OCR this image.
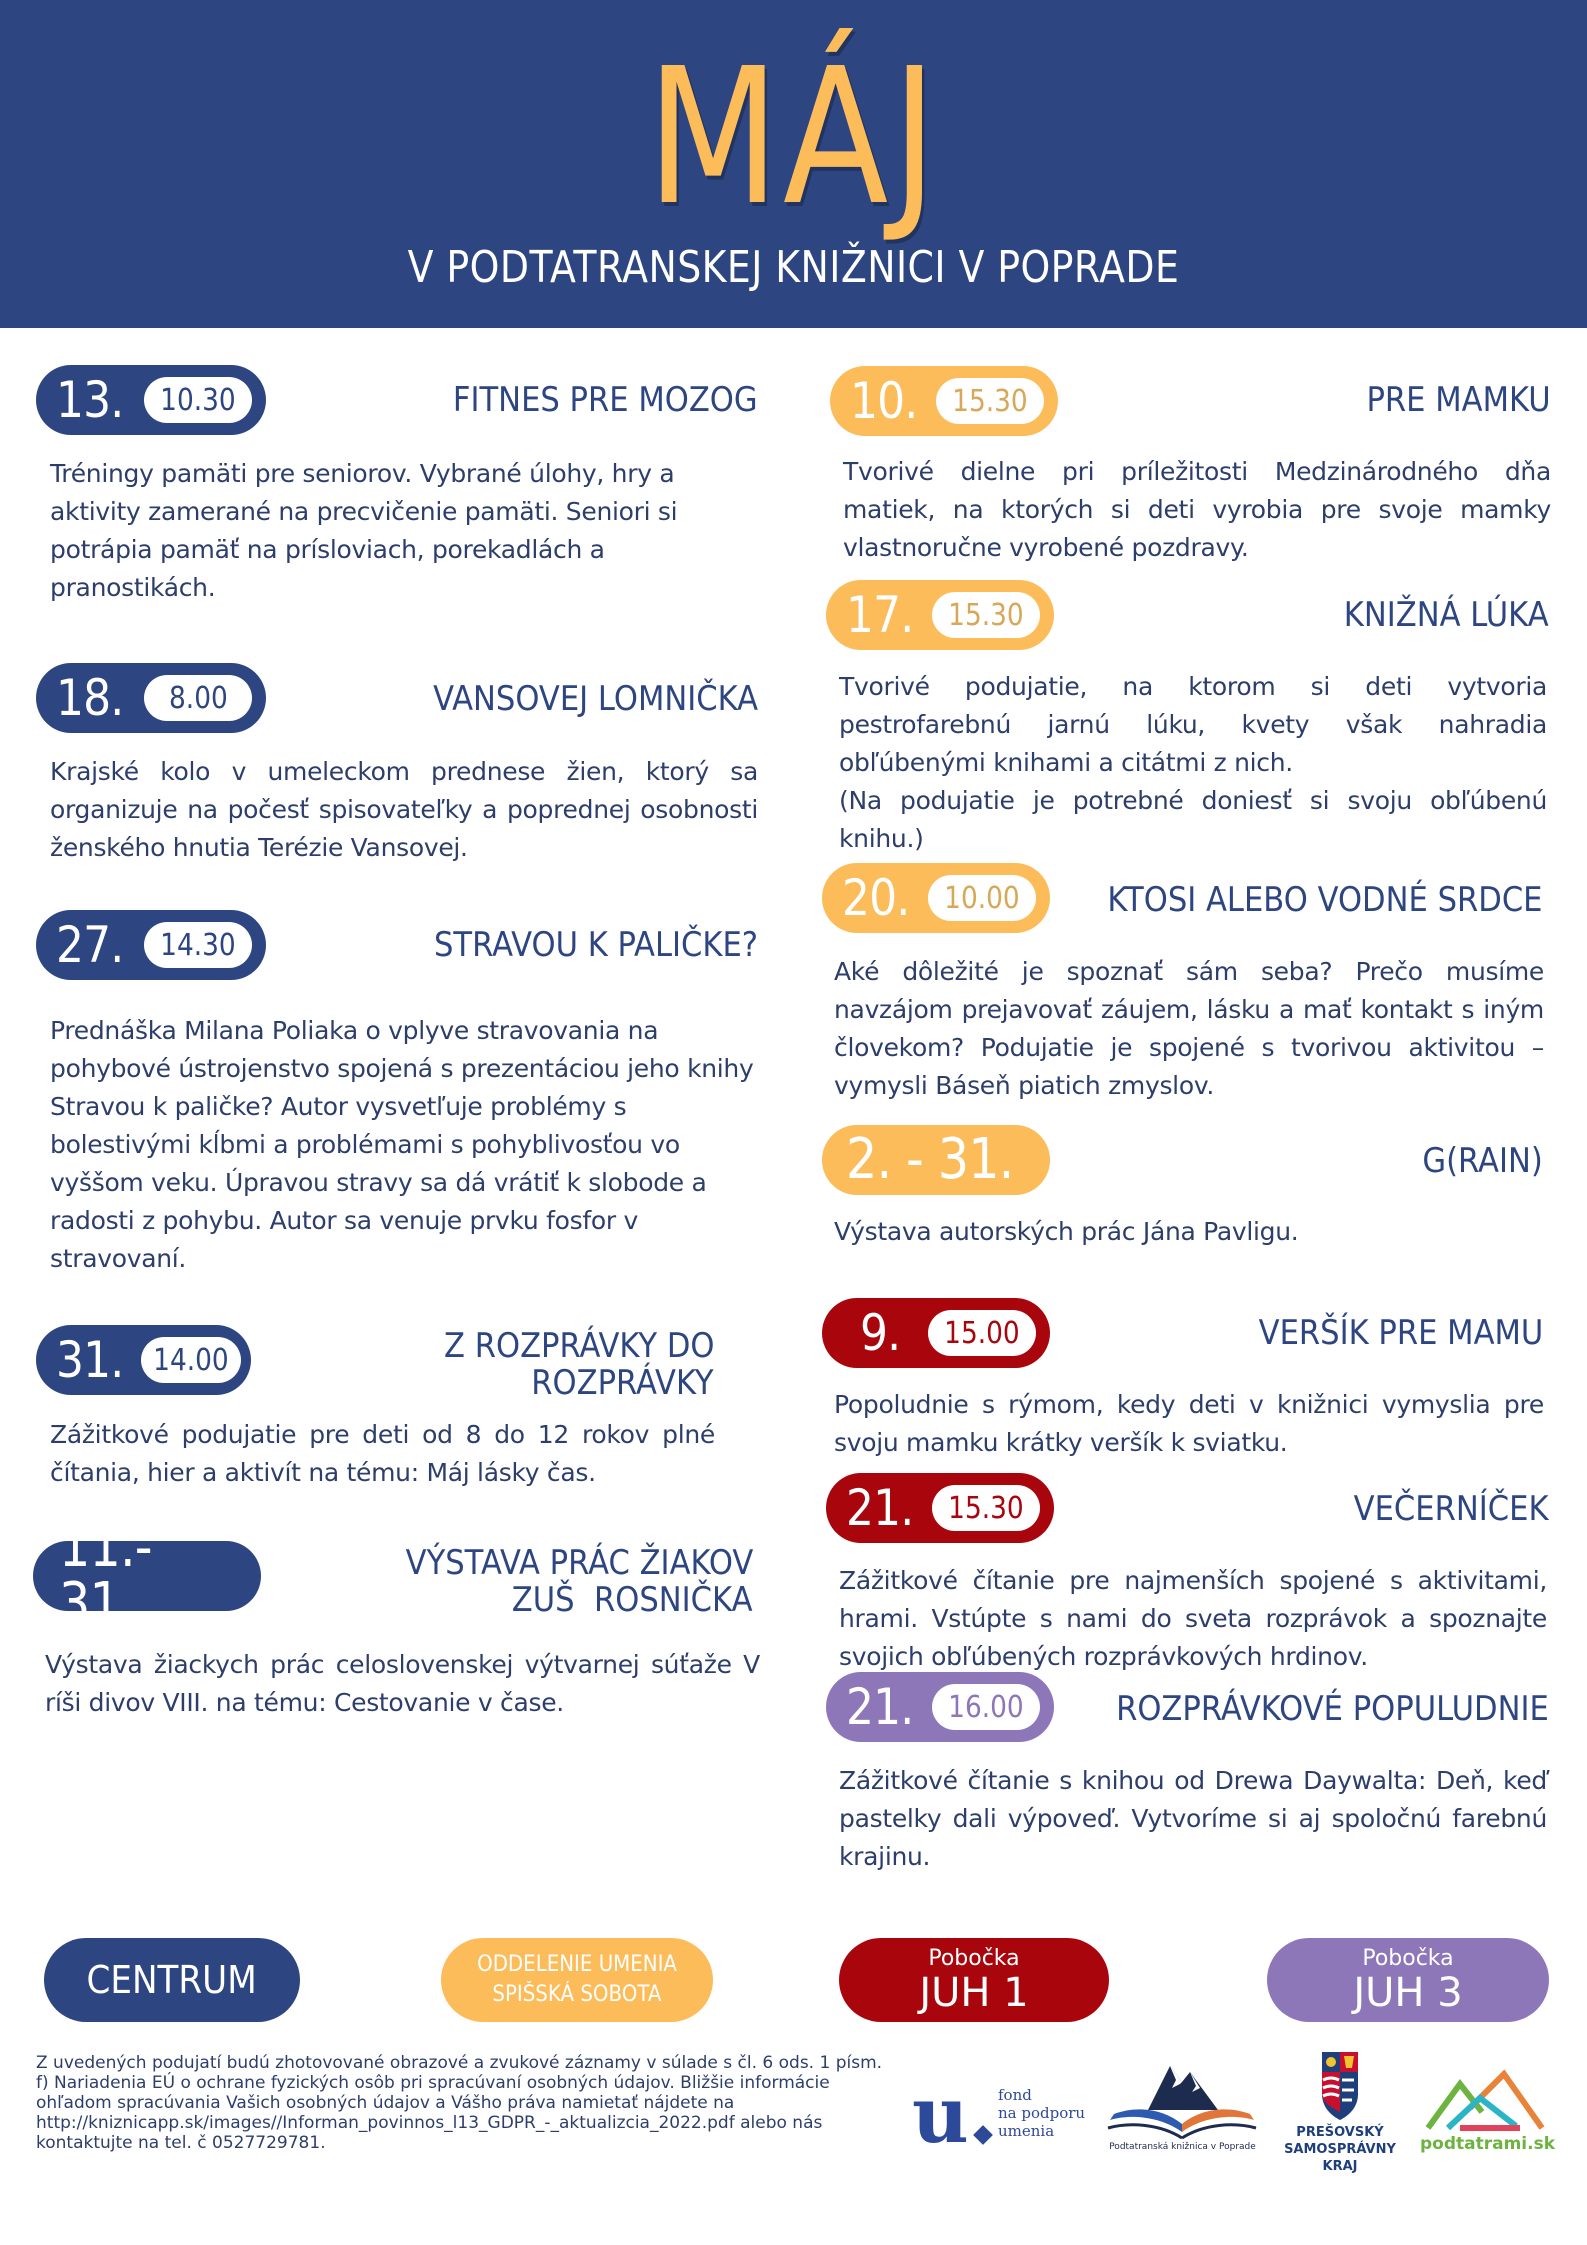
MÁJ
V PODTATRANSKEJ KNIŽNICI V POPRADE
13. 10.30	FITNES PRE MOZOG
Tréningy pamäti pre seniorov. Vybrané úlohy, hry a aktivity zamerané na precvičenie pamäti. Seniori si potrápia pamäť na prísloviach, porekadlách a pranostikách.
18. 8.00	VANSOVEJ LOMNIČKA
Krajské kolo v umeleckom prednese žien, ktorý sa organizuje na počesť spisovateľky a poprednej osobnosti ženského hnutia Terézie Vansovej.
27. 14.30	STRAVOU K PALIČKE?
Prednáška Milana Poliaka o vplyve stravovania na pohybové ústrojenstvo spojená s prezentáciou jeho knihy Stravou k paličke? Autor vysvetľuje problémy s bolestivými kĺbmi a problémami s pohyblivosťou vo vyššom veku. Úpravou stravy sa dá vrátiť k slobode a radosti z pohybu. Autor sa venuje prvku fosfor v stravovaní.
31. 14.00	Z ROZPRÁVKY DO
ROZPRÁVKY
Zážitkové podujatie pre deti od 8 do 12 rokov plné čítania, hier a aktivít na tému: Máj lásky čas.
11.- 31.
VÝSTAVA PRÁC ŽIAKOV
ZUŠ  ROSNIČKA
Výstava žiackych prác celoslovenskej výtvarnej súťaže V ríši divov VIII. na tému: Cestovanie v čase.
10. 15.30	PRE MAMKU
Tvorivé dielne pri príležitosti Medzinárodného dňa matiek, na ktorých si deti vyrobia pre svoje mamky vlastnoručne vyrobené pozdravy.
17. 15.30	KNIŽNÁ LÚKA
Tvorivé podujatie, na ktorom si deti vytvoria pestrofarebnú jarnú lúku, kvety však nahradia obľúbenými knihami a citátmi z nich.
(Na podujatie je potrebné doniesť si svoju obľúbenú knihu.)
20. 10.00	KTOSI ALEBO VODNÉ SRDCE
Aké dôležité je spoznať sám seba? Prečo musíme navzájom prejavovať záujem, lásku a mať kontakt s iným človekom? Podujatie je spojené s tvorivou aktivitou – vymysli Báseň piatich zmyslov.
2. - 31.	G(RAIN)
Výstava autorských prác Jána Pavligu.
9. 15.00	VERŠÍK PRE MAMU
Popoludnie s rýmom, kedy deti v knižnici vymyslia pre svoju mamku krátky veršík k sviatku.
21. 15.30	VEČERNÍČEK
Zážitkové čítanie pre najmenších spojené s aktivitami, hrami. Vstúpte s nami do sveta rozprávok a spoznajte svojich obľúbených rozprávkových hrdinov.
21. 16.00	ROZPRÁVKOVÉ POPULUDNIE
Zážitkové čítanie s knihou od Drewa Daywalta: Deň, keď pastelky dali výpoveď. Vytvoríme si aj spoločnú farebnú krajinu.
CENTRUM	ODDELENIE UMENIA
SPIŠSKÁ SOBOTA
Pobočka
JUH 1
Pobočka
JUH 3
Z uvedených podujatí budú zhotovované obrazové a zvukové záznamy v súlade s čl. 6 ods. 1 písm. f) Nariadenia EÚ o ochrane fyzických osôb pri spracúvaní osobných údajov. Bližšie informácie ohľadom spracúvania Vašich osobných údajov a Vášho práva namietať nájdete na http://kniznicapp.sk/images//Informan_povinnos_l13_GDPR_-_aktualizcia_2022.pdf alebo nás kontaktujte na tel. č 0527729781.	u fond
na podporu
umenia
Podtatranská knižnica v Poprade
PREŠOVSKÝ
SAMOSPRÁVNY
KRAJ
podtatrami.sk
